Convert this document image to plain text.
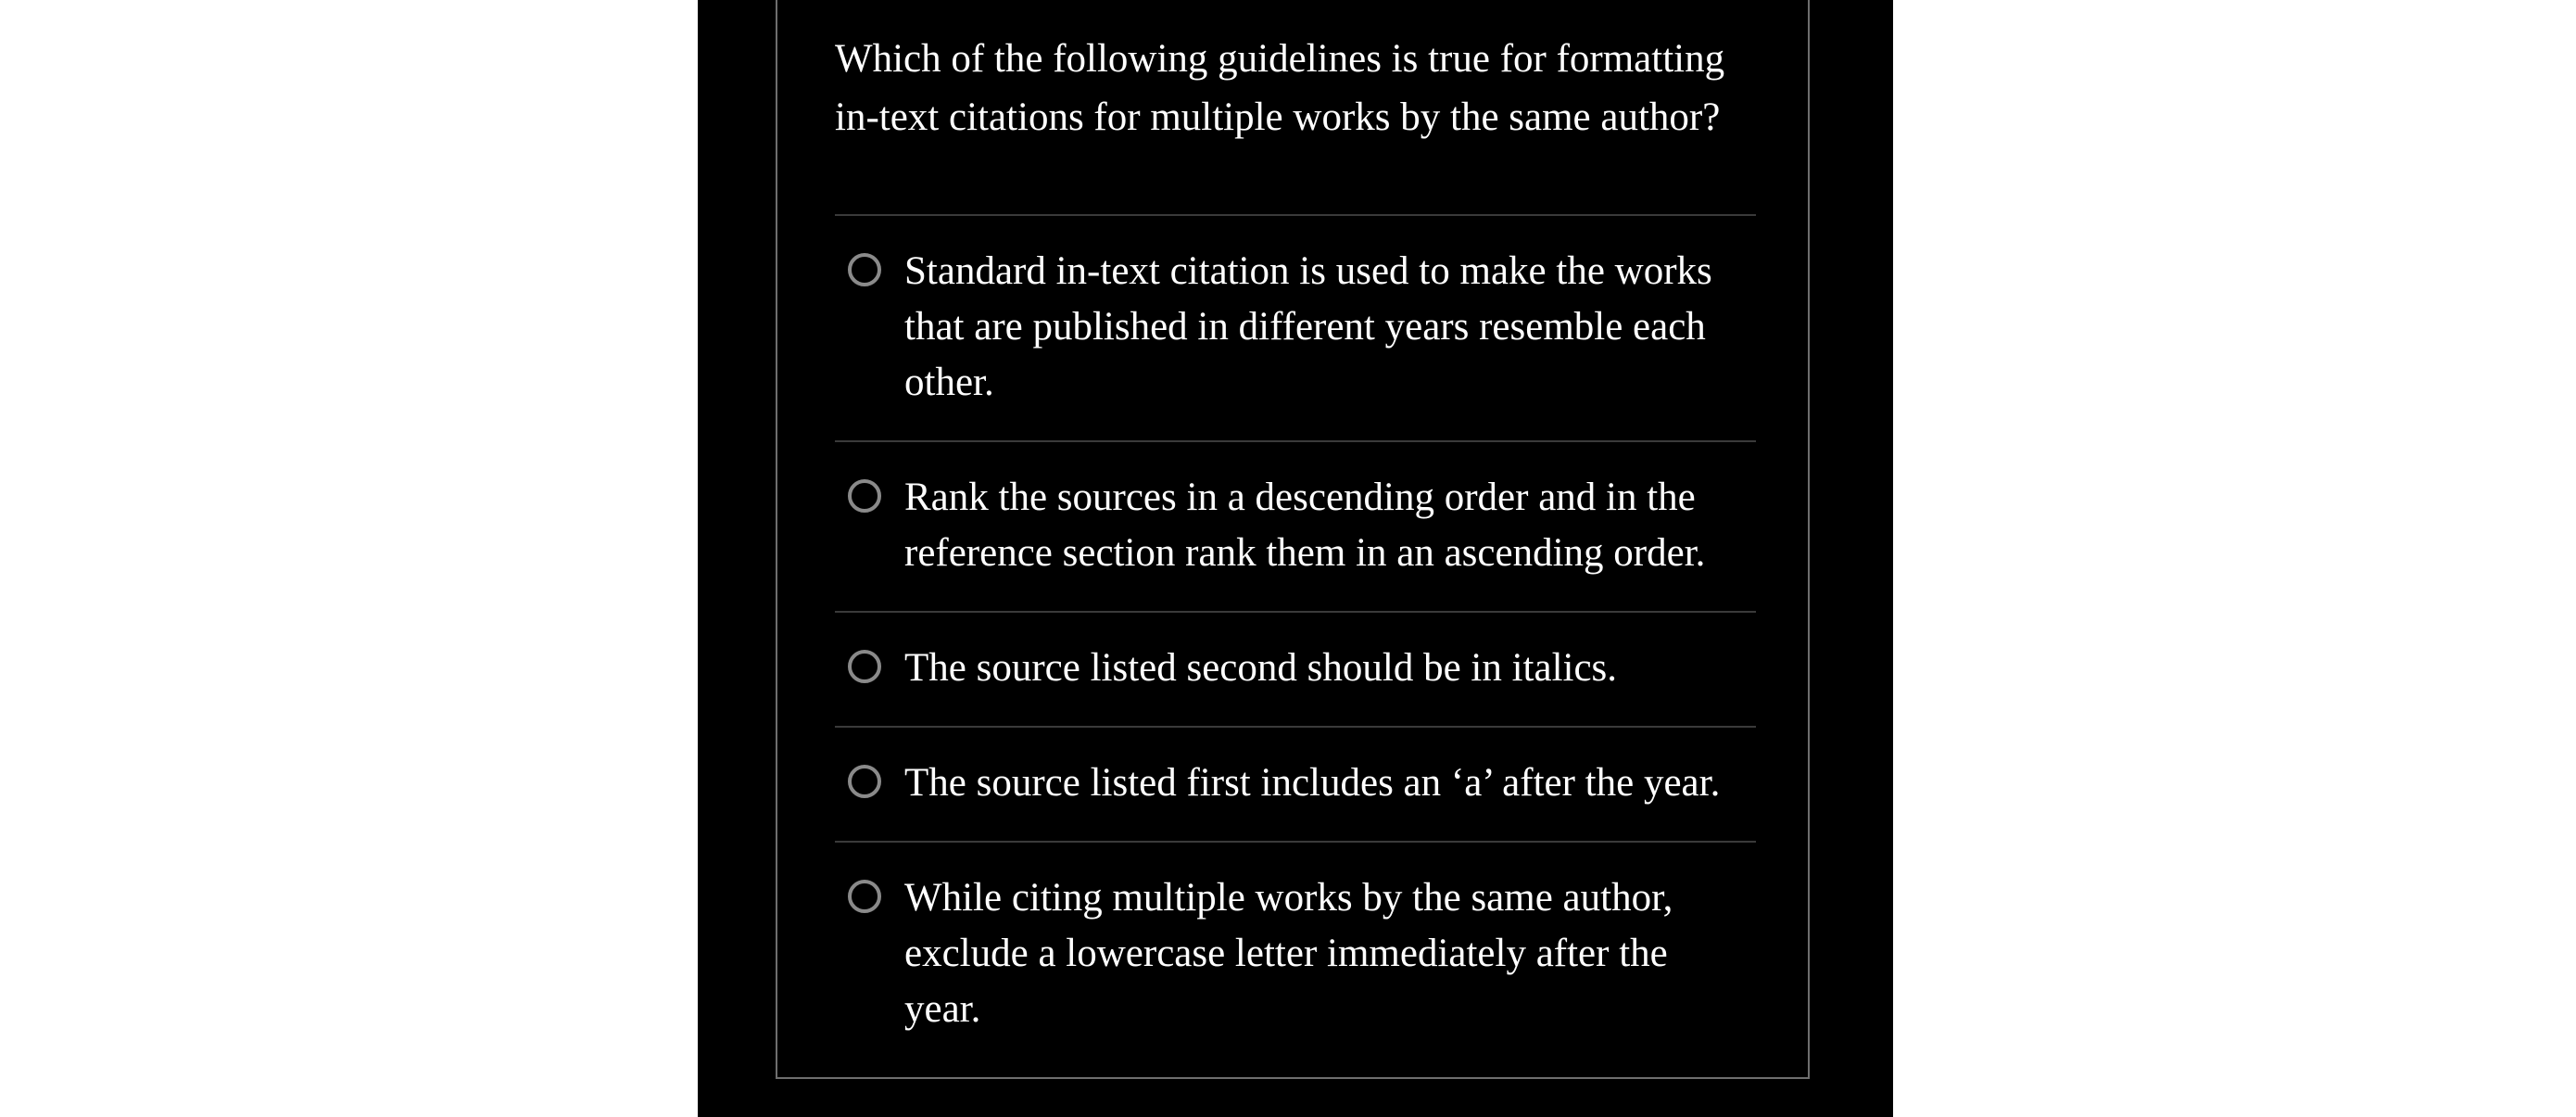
Which of the following guidelines is true for formatting in-text citations for multiple works by the same author?

Standard in-text citation is used to make the works that are published in different years resemble each other.
Rank the sources in a descending order and in the reference section rank them in an ascending order.
The source listed second should be in italics.
The source listed first includes an ‘a’ after the year.
While citing multiple works by the same author, exclude a lowercase letter immediately after the year.
